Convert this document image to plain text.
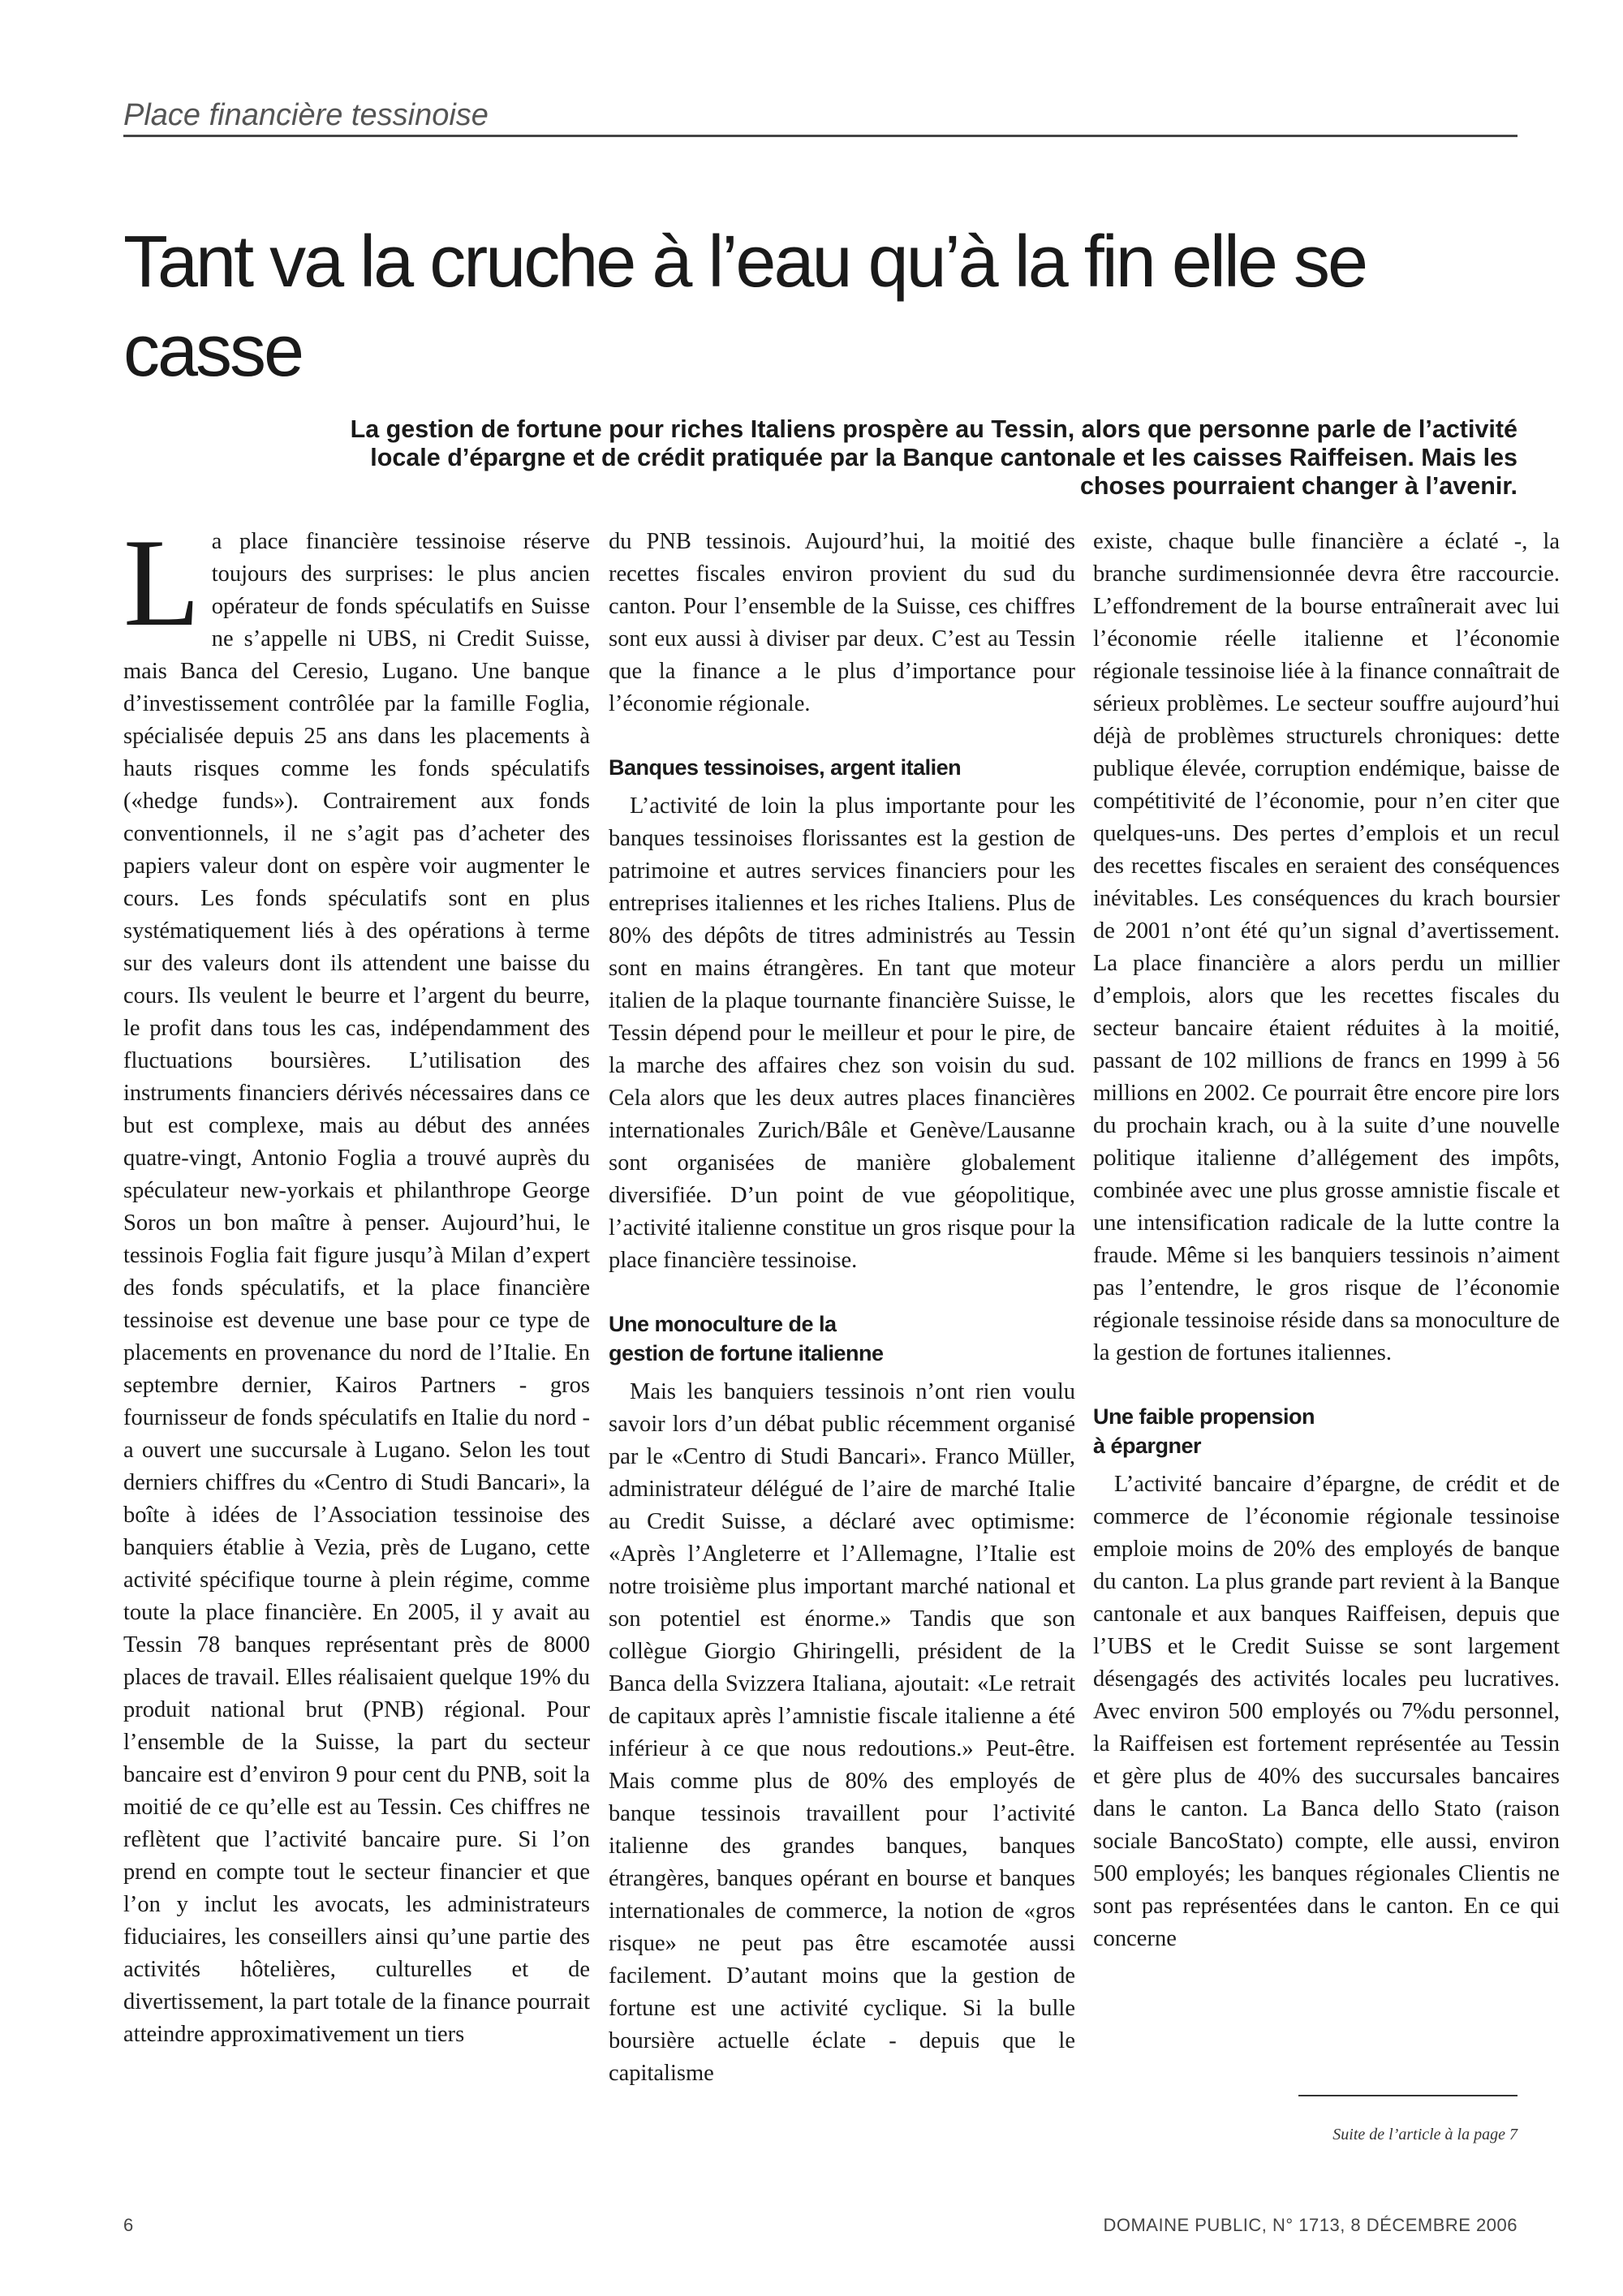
Place financière tessinoise
Tant va la cruche à l’eau qu’à la fin elle se casse
La gestion de fortune pour riches Italiens prospère au Tessin, alors que personne parle de l’activité locale d’épargne et de crédit pratiquée par la Banque cantonale et les caisses Raiffeisen. Mais les choses pourraient changer à l’avenir.

La place financière tessinoise réserve toujours des surprises: le plus ancien opérateur de fonds spéculatifs en Suisse ne s’appelle ni UBS, ni Credit Suisse, mais Banca del Ceresio, Lugano. Une banque d’investissement contrôlée par la famille Foglia, spécialisée depuis 25 ans dans les placements à hauts risques comme les fonds spéculatifs («hedge funds»). Contrairement aux fonds conventionnels, il ne s’agit pas d’acheter des papiers valeur dont on espère voir augmenter le cours. Les fonds spéculatifs sont en plus systématiquement liés à des opérations à terme sur des valeurs dont ils attendent une baisse du cours. Ils veulent le beurre et l’argent du beurre, le profit dans tous les cas, indépendamment des fluctuations boursières. L’utilisation des instruments financiers dérivés nécessaires dans ce but est complexe, mais au début des années quatre-vingt, Antonio Foglia a trouvé auprès du spéculateur new-yorkais et philanthrope George Soros un bon maître à penser. Aujourd’hui, le tessinois Foglia fait figure jusqu’à Milan d’expert des fonds spéculatifs, et la place financière tessinoise est devenue une base pour ce type de placements en provenance du nord de l’Italie. En septembre dernier, Kairos Partners - gros fournisseur de fonds spéculatifs en Italie du nord - a ouvert une succursale à Lugano. Selon les tout derniers chiffres du «Centro di Studi Bancari», la boîte à idées de l’Association tessinoise des banquiers établie à Vezia, près de Lugano, cette activité spécifique tourne à plein régime, comme toute la place financière. En 2005, il y avait au Tessin 78 banques représentant près de 8000 places de travail. Elles réalisaient quelque 19% du produit national brut (PNB) régional. Pour l’ensemble de la Suisse, la part du secteur bancaire est d’environ 9 pour cent du PNB, soit la moitié de ce qu’elle est au Tessin. Ces chiffres ne reflètent que l’activité bancaire pure. Si l’on prend en compte tout le secteur financier et que l’on y inclut les avocats, les administrateurs fiduciaires, les conseillers ainsi qu’une partie des activités hôtelières, culturelles et de divertissement, la part totale de la finance pourrait atteindre approximativement un tiers

du PNB tessinois. Aujourd’hui, la moitié des recettes fiscales environ provient du sud du canton. Pour l’ensemble de la Suisse, ces chiffres sont eux aussi à diviser par deux. C’est au Tessin que la finance a le plus d’importance pour l’économie régionale.

Banques tessinoises, argent italien

L’activité de loin la plus importante pour les banques tessinoises florissantes est la gestion de patrimoine et autres services financiers pour les entreprises italiennes et les riches Italiens. Plus de 80% des dépôts de titres administrés au Tessin sont en mains étrangères. En tant que moteur italien de la plaque tournante financière Suisse, le Tessin dépend pour le meilleur et pour le pire, de la marche des affaires chez son voisin du sud. Cela alors que les deux autres places financières internationales Zurich/Bâle et Genève/Lausanne sont organisées de manière globalement diversifiée. D’un point de vue géopolitique, l’activité italienne constitue un gros risque pour la place financière tessinoise.

Une monoculture de la
gestion de fortune italienne

Mais les banquiers tessinois n’ont rien voulu savoir lors d’un débat public récemment organisé par le «Centro di Studi Bancari». Franco Müller, administrateur délégué de l’aire de marché Italie au Credit Suisse, a déclaré avec optimisme: «Après l’Angleterre et l’Allemagne, l’Italie est notre troisième plus important marché national et son potentiel est énorme.» Tandis que son collègue Giorgio Ghiringelli, président de la Banca della Svizzera Italiana, ajoutait: «Le retrait de capitaux après l’amnistie fiscale italienne a été inférieur à ce que nous redoutions.» Peut-être. Mais comme plus de 80% des employés de banque tessinois travaillent pour l’activité italienne des grandes banques, banques étrangères, banques opérant en bourse et banques internationales de commerce, la notion de «gros risque» ne peut pas être escamotée aussi facilement. D’autant moins que la gestion de fortune est une activité cyclique. Si la bulle boursière actuelle éclate - depuis que le capitalisme

existe, chaque bulle financière a éclaté -, la branche surdimensionnée devra être raccourcie. L’effondrement de la bourse entraînerait avec lui l’économie réelle italienne et l’économie régionale tessinoise liée à la finance connaîtrait de sérieux problèmes. Le secteur souffre aujourd’hui déjà de problèmes structurels chroniques: dette publique élevée, corruption endémique, baisse de compétitivité de l’économie, pour n’en citer que quelques-uns. Des pertes d’emplois et un recul des recettes fiscales en seraient des conséquences inévitables. Les conséquences du krach boursier de 2001 n’ont été qu’un signal d’avertissement. La place financière a alors perdu un millier d’emplois, alors que les recettes fiscales du secteur bancaire étaient réduites à la moitié, passant de 102 millions de francs en 1999 à 56 millions en 2002. Ce pourrait être encore pire lors du prochain krach, ou à la suite d’une nouvelle politique italienne d’allégement des impôts, combinée avec une plus grosse amnistie fiscale et une intensification radicale de la lutte contre la fraude. Même si les banquiers tessinois n’aiment pas l’entendre, le gros risque de l’économie régionale tessinoise réside dans sa monoculture de la gestion de fortunes italiennes.

Une faible propension
à épargner

L’activité bancaire d’épargne, de crédit et de commerce de l’économie régionale tessinoise emploie moins de 20% des employés de banque du canton. La plus grande part revient à la Banque cantonale et aux banques Raiffeisen, depuis que l’UBS et le Credit Suisse se sont largement désengagés des activités locales peu lucratives. Avec environ 500 employés ou 7%du personnel, la Raiffeisen est fortement représentée au Tessin et gère plus de 40% des succursales bancaires dans le canton. La Banca dello Stato (raison sociale BancoStato) compte, elle aussi, environ 500 employés; les banques régionales Clientis ne sont pas représentées dans le canton. En ce qui concerne

Suite de l’article à la page 7
6	DOMAINE PUBLIC, N° 1713, 8 DÉCEMBRE 2006
